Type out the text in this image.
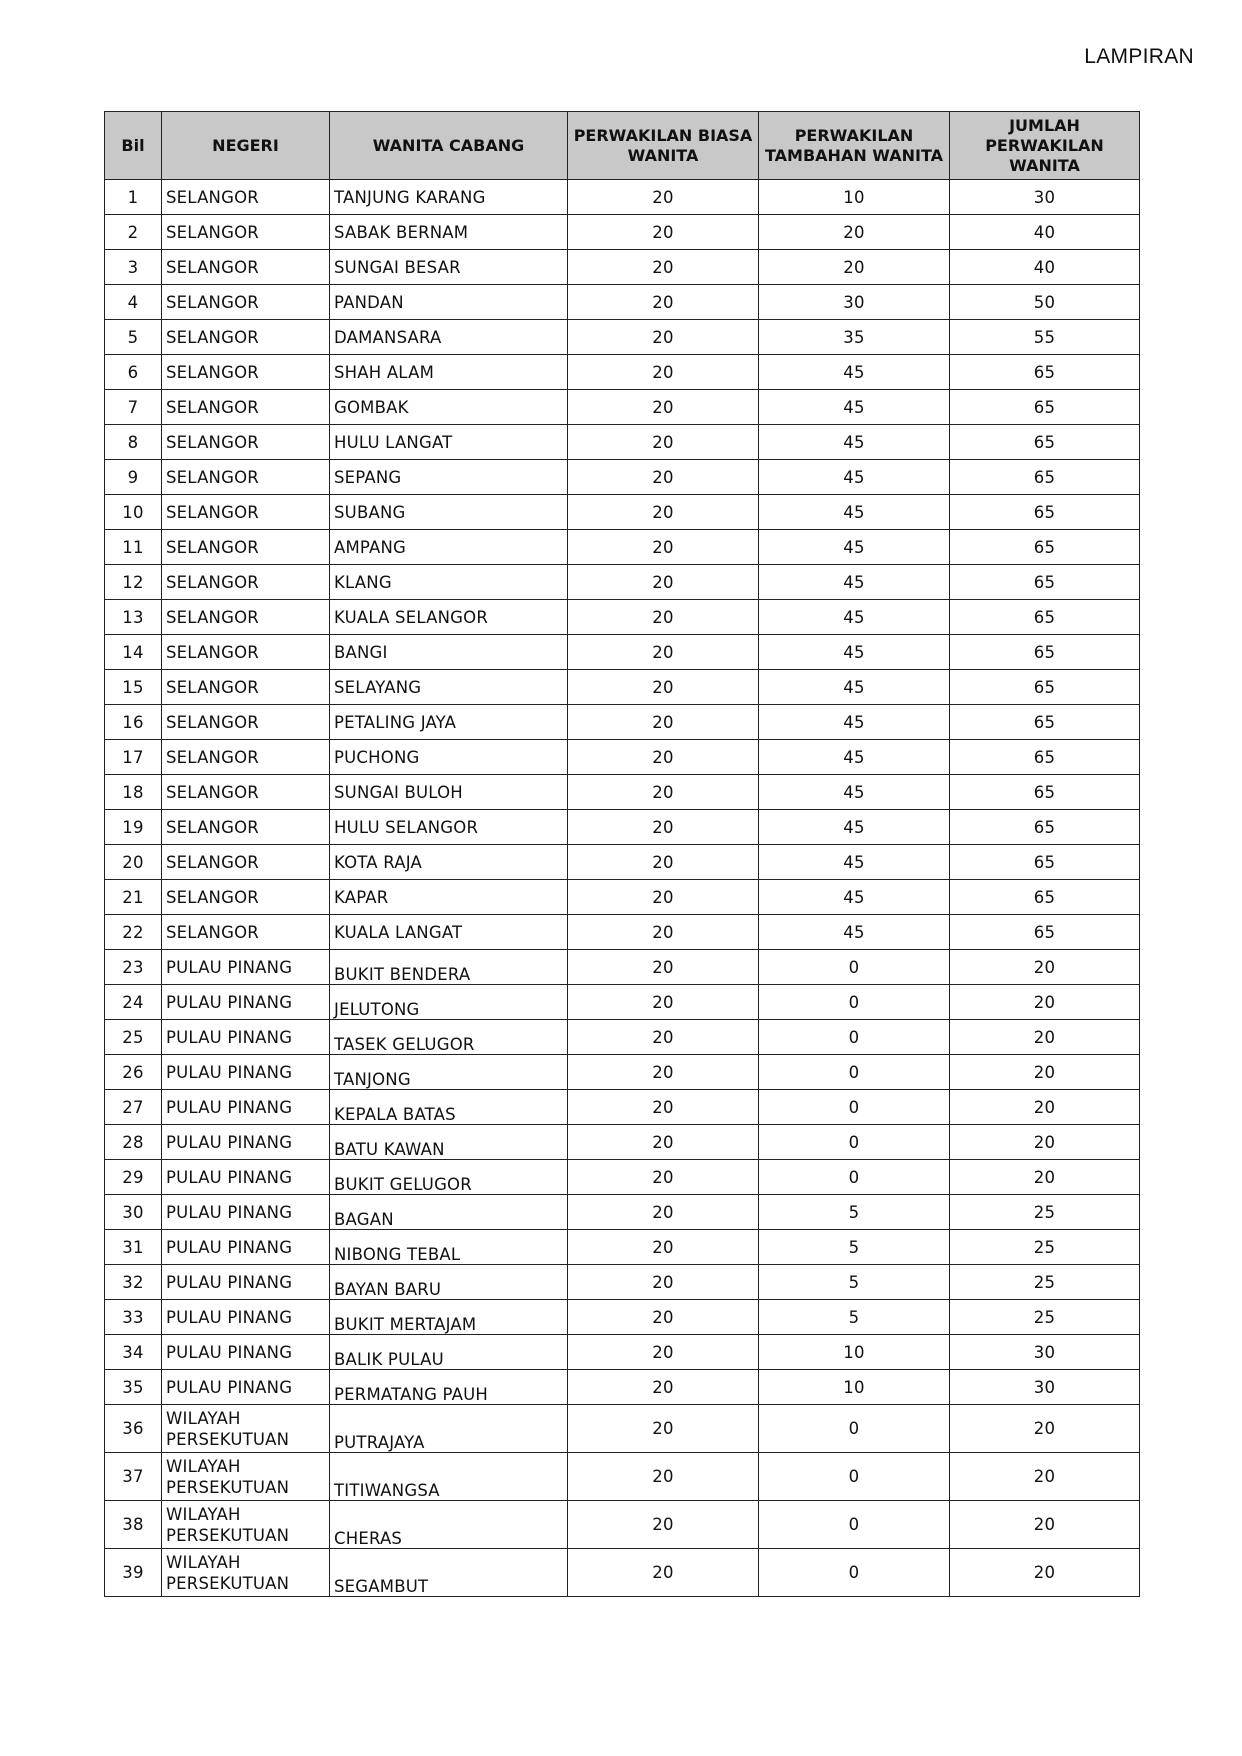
LAMPIRAN
Bil	NEGERI	WANITA CABANG	PERWAKILAN BIASA WANITA	PERWAKILAN TAMBAHAN WANITA	JUMLAH PERWAKILAN WANITA
1	SELANGOR	TANJUNG KARANG	20	10	30
2	SELANGOR	SABAK BERNAM	20	20	40
3	SELANGOR	SUNGAI BESAR	20	20	40
4	SELANGOR	PANDAN	20	30	50
5	SELANGOR	DAMANSARA	20	35	55
6	SELANGOR	SHAH ALAM	20	45	65
7	SELANGOR	GOMBAK	20	45	65
8	SELANGOR	HULU LANGAT	20	45	65
9	SELANGOR	SEPANG	20	45	65
10	SELANGOR	SUBANG	20	45	65
11	SELANGOR	AMPANG	20	45	65
12	SELANGOR	KLANG	20	45	65
13	SELANGOR	KUALA SELANGOR	20	45	65
14	SELANGOR	BANGI	20	45	65
15	SELANGOR	SELAYANG	20	45	65
16	SELANGOR	PETALING JAYA	20	45	65
17	SELANGOR	PUCHONG	20	45	65
18	SELANGOR	SUNGAI BULOH	20	45	65
19	SELANGOR	HULU SELANGOR	20	45	65
20	SELANGOR	KOTA RAJA	20	45	65
21	SELANGOR	KAPAR	20	45	65
22	SELANGOR	KUALA LANGAT	20	45	65
23	PULAU PINANG	BUKIT BENDERA	20	0	20
24	PULAU PINANG	JELUTONG	20	0	20
25	PULAU PINANG	TASEK GELUGOR	20	0	20
26	PULAU PINANG	TANJONG	20	0	20
27	PULAU PINANG	KEPALA BATAS	20	0	20
28	PULAU PINANG	BATU KAWAN	20	0	20
29	PULAU PINANG	BUKIT GELUGOR	20	0	20
30	PULAU PINANG	BAGAN	20	5	25
31	PULAU PINANG	NIBONG TEBAL	20	5	25
32	PULAU PINANG	BAYAN BARU	20	5	25
33	PULAU PINANG	BUKIT MERTAJAM	20	5	25
34	PULAU PINANG	BALIK PULAU	20	10	30
35	PULAU PINANG	PERMATANG PAUH	20	10	30
36	WILAYAH PERSEKUTUAN	PUTRAJAYA	20	0	20
37	WILAYAH PERSEKUTUAN	TITIWANGSA	20	0	20
38	WILAYAH PERSEKUTUAN	CHERAS	20	0	20
39	WILAYAH PERSEKUTUAN	SEGAMBUT	20	0	20
